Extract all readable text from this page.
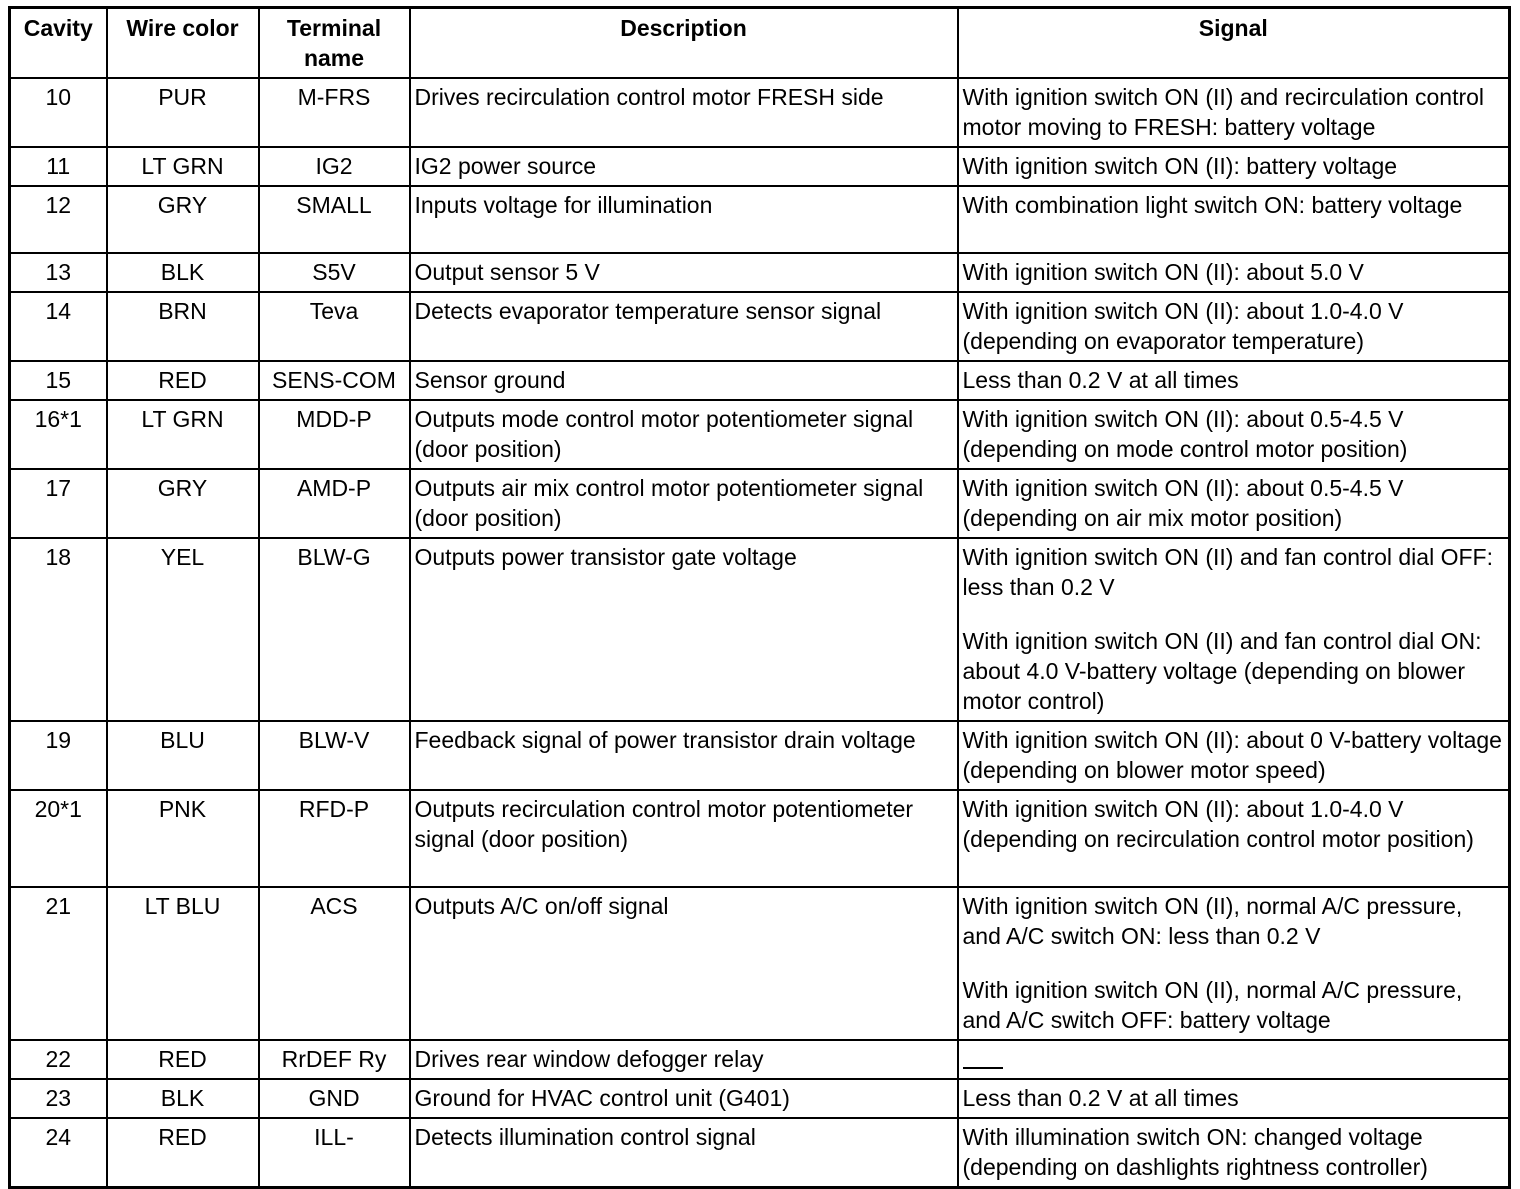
Cavity	Wire color	Terminal name	Description	Signal
10	PUR	M-FRS	Drives recirculation control motor FRESH side	With ignition switch ON (II) and recirculation control motor moving to FRESH: battery voltage

11	LT GRN	IG2	IG2 power source	With ignition switch ON (II): battery voltage

12	GRY	SMALL	Inputs voltage for illumination	With combination light switch ON: battery voltage

13	BLK	S5V	Output sensor 5 V	With ignition switch ON (II): about 5.0 V

14	BRN	Teva	Detects evaporator temperature sensor signal	With ignition switch ON (II): about 1.0-4.0 V (depending on evaporator temperature)

15	RED	SENS-COM	Sensor ground	Less than 0.2 V at all times

16*1	LT GRN	MDD-P	Outputs mode control motor potentiometer signal (door position)	With ignition switch ON (II): about 0.5-4.5 V (depending on mode control motor position)

17	GRY	AMD-P	Outputs air mix control motor potentiometer signal (door position)	With ignition switch ON (II): about 0.5-4.5 V (depending on air mix motor position)

18	YEL	BLW-G	Outputs power transistor gate voltage	With ignition switch ON (II) and fan control dial OFF: less than 0.2 V
With ignition switch ON (II) and fan control dial ON: about 4.0 V-battery voltage (depending on blower motor control)

19	BLU	BLW-V	Feedback signal of power transistor drain voltage	With ignition switch ON (II): about 0 V-battery voltage (depending on blower motor speed)

20*1	PNK	RFD-P	Outputs recirculation control motor potentiometer signal (door position)	With ignition switch ON (II): about 1.0-4.0 V (depending on recirculation control motor position)

21	LT BLU	ACS	Outputs A/C on/off signal	With ignition switch ON (II), normal A/C pressure, and A/C switch ON: less than 0.2 V
With ignition switch ON (II), normal A/C pressure, and A/C switch OFF: battery voltage

22	RED	RrDEF Ry	Drives rear window defogger relay	
23	BLK	GND	Ground for HVAC control unit (G401)	Less than 0.2 V at all times

24	RED	ILL-	Detects illumination control signal	With illumination switch ON: changed voltage (depending on dashlights rightness controller)
